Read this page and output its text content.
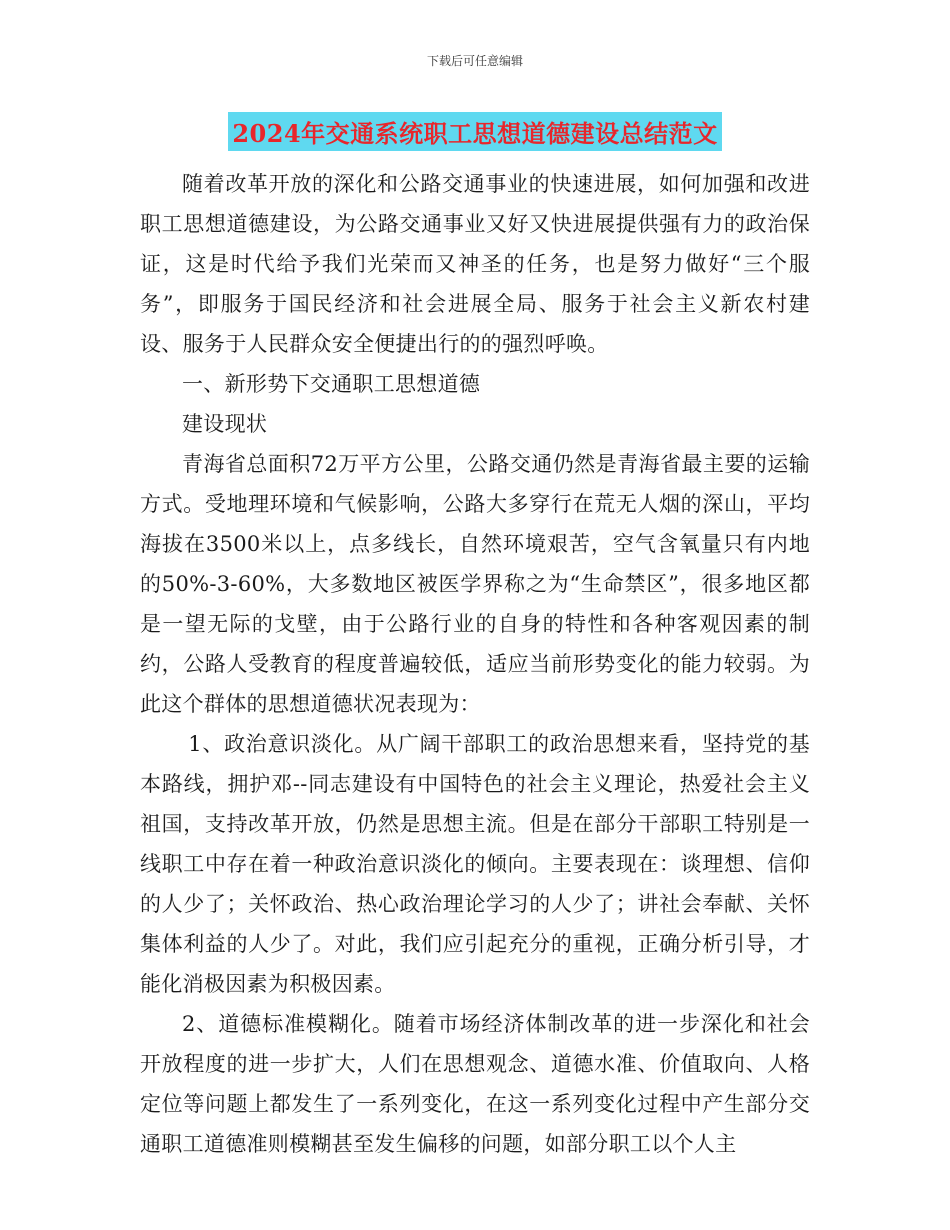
下载后可任意编辑
2024年交通系统职工思想道德建设总结范文

随着改革开放的深化和公路交通事业的快速进展，如何加强和改进职工思想道德建设，为公路交通事业又好又快进展提供强有力的政治保证，这是时代给予我们光荣而又神圣的任务，也是努力做好“三个服务”，即服务于国民经济和社会进展全局、服务于社会主义新农村建设、服务于人民群众安全便捷出行的的强烈呼唤。

一、新形势下交通职工思想道德

建设现状

青海省总面积72万平方公里，公路交通仍然是青海省最主要的运输方式。受地理环境和气候影响，公路大多穿行在荒无人烟的深山，平均海拔在3500米以上，点多线长，自然环境艰苦，空气含氧量只有内地的50%-3-60%，大多数地区被医学界称之为“生命禁区”，很多地区都是一望无际的戈壁，由于公路行业的自身的特性和各种客观因素的制约，公路人受教育的程度普遍较低，适应当前形势变化的能力较弱。为此这个群体的思想道德状况表现为：

1、政治意识淡化。从广阔干部职工的政治思想来看，坚持党的基本路线，拥护邓--同志建设有中国特色的社会主义理论，热爱社会主义祖国，支持改革开放，仍然是思想主流。但是在部分干部职工特别是一线职工中存在着一种政治意识淡化的倾向。主要表现在：谈理想、信仰的人少了；关怀政治、热心政治理论学习的人少了；讲社会奉献、关怀集体利益的人少了。对此，我们应引起充分的重视，正确分析引导，才能化消极因素为积极因素。

2、道德标准模糊化。随着市场经济体制改革的进一步深化和社会开放程度的进一步扩大，人们在思想观念、道德水准、价值取向、人格定位等问题上都发生了一系列变化，在这一系列变化过程中产生部分交通职工道德准则模糊甚至发生偏移的问题，如部分职工以个人主
